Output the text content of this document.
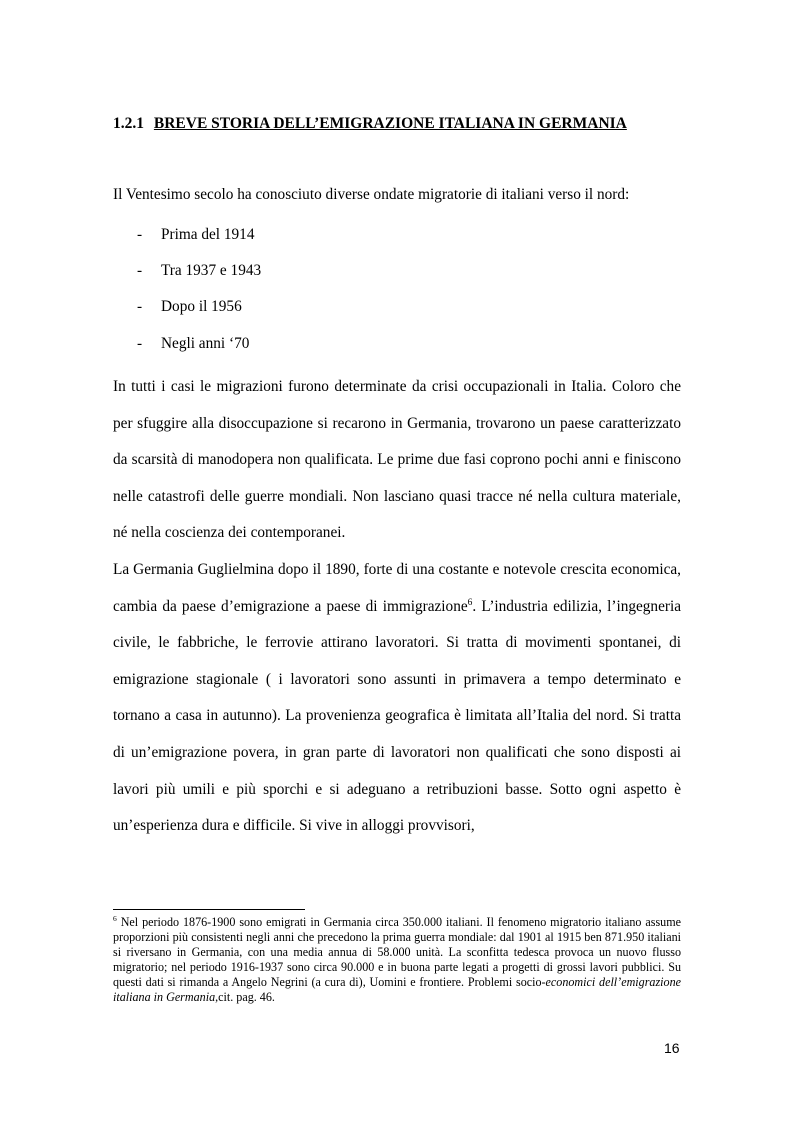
1.2.1 BREVE STORIA DELL’EMIGRAZIONE ITALIANA IN GERMANIA
Il Ventesimo secolo ha conosciuto diverse ondate migratorie di italiani verso il nord:
- Prima del 1914
- Tra 1937 e 1943
- Dopo il 1956
- Negli anni ‘70

In tutti i casi le migrazioni furono determinate da crisi occupazionali in Italia. Coloro che per sfuggire alla disoccupazione si recarono in Germania, trovarono un paese caratterizzato da scarsità di manodopera non qualificata. Le prime due fasi coprono pochi anni e finiscono nelle catastrofi delle guerre mondiali. Non lasciano quasi tracce né nella cultura materiale, né nella coscienza dei contemporanei.

La Germania Guglielmina dopo il 1890, forte di una costante e notevole crescita economica, cambia da paese d’emigrazione a paese di immigrazione$^6$. L’industria edilizia, l’ingegneria civile, le fabbriche, le ferrovie attirano lavoratori. Si tratta di movimenti spontanei, di emigrazione stagionale ( i lavoratori sono assunti in primavera a tempo determinato e tornano a casa in autunno). La provenienza geografica è limitata all’Italia del nord. Si tratta di un’emigrazione povera, in gran parte di lavoratori non qualificati che sono disposti ai lavori più umili e più sporchi e si adeguano a retribuzioni basse. Sotto ogni aspetto è un’esperienza dura e difficile. Si vive in alloggi provvisori,

$^6$ Nel periodo 1876-1900 sono emigrati in Germania circa 350.000 italiani. Il fenomeno migratorio italiano assume proporzioni più consistenti negli anni che precedono la prima guerra mondiale: dal 1901 al 1915 ben 871.950 italiani si riversano in Germania, con una media annua di 58.000 unità. La sconfitta tedesca provoca un nuovo flusso migratorio; nel periodo 1916-1937 sono circa 90.000 e in buona parte legati a progetti di grossi lavori pubblici. Su questi dati si rimanda a Angelo Negrini (a cura di), Uomini e frontiere. Problemi socio-economici dell’emigrazione italiana in Germania,cit. pag. 46.
16
